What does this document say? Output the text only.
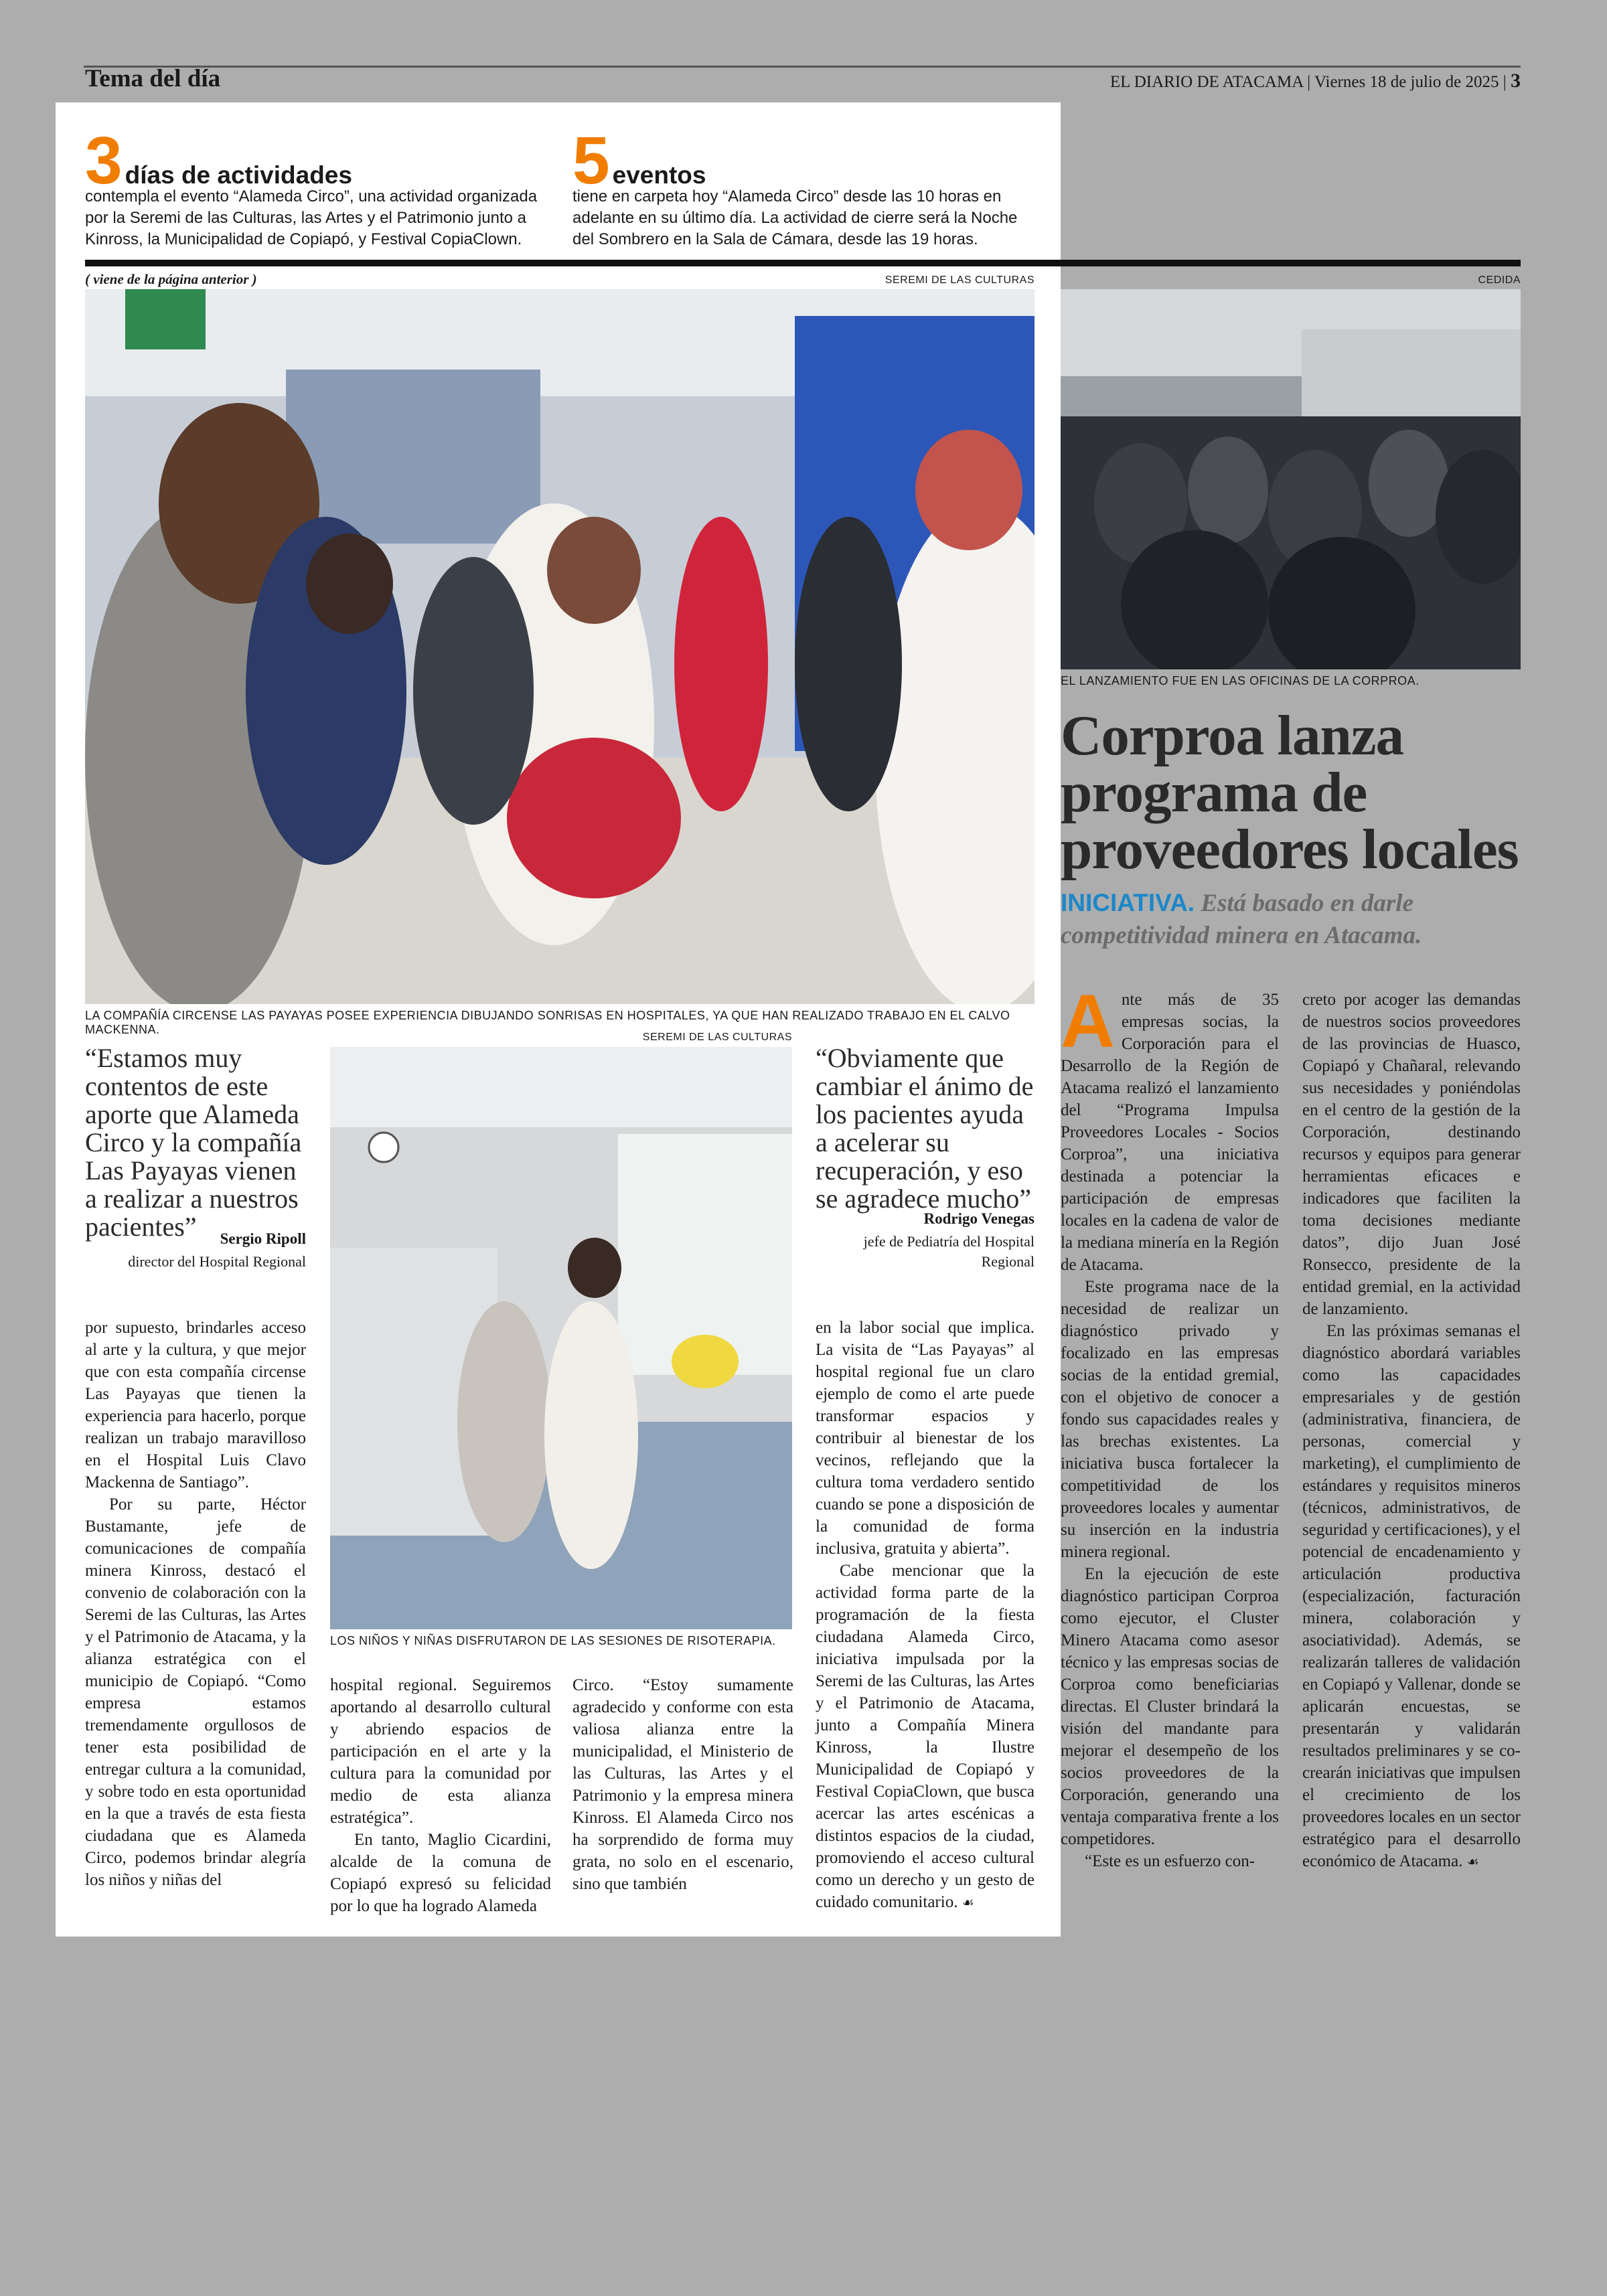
Tema del día	EL DIARIO DE ATACAMA | Viernes 18 de julio de 2025 | 3
3 días de actividades
contempla el evento “Alameda Circo”, una actividad organizada por la Seremi de las Culturas, las Artes y el Patrimonio junto a Kinross, la Municipalidad de Copiapó, y Festival CopiaClown.
5 eventos
tiene en carpeta hoy “Alameda Circo” desde las 10 horas en adelante en su último día. La actividad de cierre será la Noche del Sombrero en la Sala de Cámara, desde las 19 horas.
( viene de la página anterior )	SEREMI DE LAS CULTURAS
LA COMPAÑÍA CIRCENSE LAS PAYAYAS POSEE EXPERIENCIA DIBUJANDO SONRISAS EN HOSPITALES, YA QUE HAN REALIZADO TRABAJO EN EL CALVO MACKENNA.
“Estamos muy contentos de este aporte que Alameda Circo y la compañía Las Payayas vienen a realizar a nuestros pacientes”	Sergio Ripoll
director del Hospital Regional
SEREMI DE LAS CULTURAS
LOS NIÑOS Y NIÑAS DISFRUTARON DE LAS SESIONES DE RISOTERAPIA.
“Obviamente que cambiar el ánimo de los pacientes ayuda a acelerar su recuperación, y eso se agradece mucho”
Rodrigo Venegas
jefe de Pediatría del Hospital Regional

por supuesto, brindarles acceso al arte y la cultura, y que mejor que con esta compañía circense Las Payayas que tienen la experiencia para hacerlo, porque realizan un trabajo maravilloso en el Hospital Luis Clavo Mackenna de Santiago”.

Por su parte, Héctor Bustamante, jefe de comunicaciones de compañía minera Kinross, destacó el convenio de colaboración con la Seremi de las Culturas, las Artes y el Patrimonio de Atacama, y la alianza estratégica con el municipio de Copiapó. “Como empresa estamos tremendamente orgullosos de tener esta posibilidad de entregar cultura a la comunidad, y sobre todo en esta oportunidad en la que a través de esta fiesta ciudadana que es Alameda Circo, podemos brindar alegría los niños y niñas del

hospital regional. Seguiremos aportando al desarrollo cultural y abriendo espacios de participación en el arte y la cultura para la comunidad por medio de esta alianza estratégica”.

En tanto, Maglio Cicardini, alcalde de la comuna de Copiapó expresó su felicidad por lo que ha logrado Alameda

Circo. “Estoy sumamente agradecido y conforme con esta valiosa alianza entre la municipalidad, el Ministerio de las Culturas, las Artes y el Patrimonio y la empresa minera Kinross. El Alameda Circo nos ha sorprendido de forma muy grata, no solo en el escenario, sino que también

en la labor social que implica. La visita de “Las Payayas” al hospital regional fue un claro ejemplo de como el arte puede transformar espacios y contribuir al bienestar de los vecinos, reflejando que la cultura toma verdadero sentido cuando se pone a disposición de la comunidad de forma inclusiva, gratuita y abierta”.

Cabe mencionar que la actividad forma parte de la programación de la fiesta ciudadana Alameda Circo, iniciativa impulsada por la Seremi de las Culturas, las Artes y el Patrimonio de Atacama, junto a Compañía Minera Kinross, la Ilustre Municipalidad de Copiapó y Festival CopiaClown, que busca acercar las artes escénicas a distintos espacios de la ciudad, promoviendo el acceso cultural como un derecho y un gesto de cuidado comunitario. ☙

CEDIDA
EL LANZAMIENTO FUE EN LAS OFICINAS DE LA CORPROA.
Corproa lanza programa de proveedores locales
INICIATIVA. Está basado en darle competitividad minera en Atacama.

Ante más de 35 empresas socias, la Corporación para el Desarrollo de la Región de Atacama realizó el lanzamiento del “Programa Impulsa Proveedores Locales - Socios Corproa”, una iniciativa destinada a potenciar la participación de empresas locales en la cadena de valor de la mediana minería en la Región de Atacama.

Este programa nace de la necesidad de realizar un diagnóstico privado y focalizado en las empresas socias de la entidad gremial, con el objetivo de conocer a fondo sus capacidades reales y las brechas existentes. La iniciativa busca fortalecer la competitividad de los proveedores locales y aumentar su inserción en la industria minera regional.

En la ejecución de este diagnóstico participan Corproa como ejecutor, el Cluster Minero Atacama como asesor técnico y las empresas socias de Corproa como beneficiarias directas. El Cluster brindará la visión del mandante para mejorar el desempeño de los socios proveedores de la Corporación, generando una ventaja comparativa frente a los competidores.

“Este es un esfuerzo con-

creto por acoger las demandas de nuestros socios proveedores de las provincias de Huasco, Copiapó y Chañaral, relevando sus necesidades y poniéndolas en el centro de la gestión de la Corporación, destinando recursos y equipos para generar herramientas eficaces e indicadores que faciliten la toma decisiones mediante datos”, dijo Juan José Ronsecco, presidente de la entidad gremial, en la actividad de lanzamiento.

En las próximas semanas el diagnóstico abordará variables como las capacidades empresariales y de gestión (administrativa, financiera, de personas, comercial y marketing), el cumplimiento de estándares y requisitos mineros (técnicos, administrativos, de seguridad y certificaciones), y el potencial de encadenamiento y articulación productiva (especialización, facturación minera, colaboración y asociatividad). Además, se realizarán talleres de validación en Copiapó y Vallenar, donde se aplicarán encuestas, se presentarán y validarán resultados preliminares y se co-crearán iniciativas que impulsen el crecimiento de los proveedores locales en un sector estratégico para el desarrollo económico de Atacama. ☙
